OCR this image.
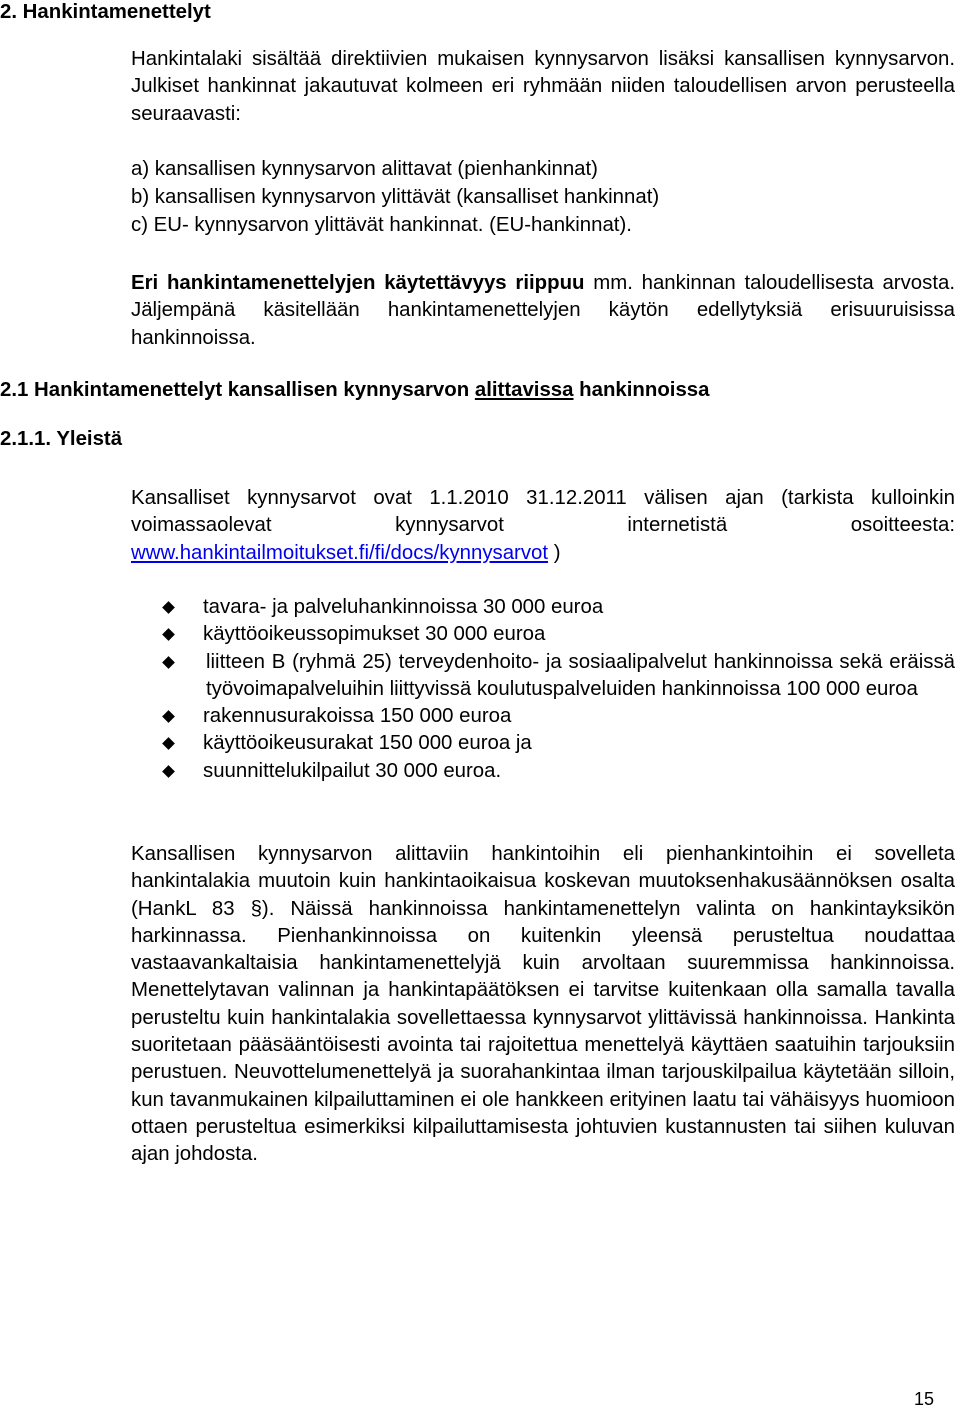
2. Hankintamenettelyt
Hankintalaki sisältää direktiivien mukaisen kynnysarvon lisäksi kansallisen kynnysarvon. Julkiset hankinnat jakautuvat kolmeen eri ryhmään niiden taloudellisen arvon perusteella seuraavasti:
a) kansallisen kynnysarvon alittavat (pienhankinnat)
b) kansallisen kynnysarvon ylittävät (kansalliset hankinnat)
c) EU- kynnysarvon ylittävät hankinnat. (EU-hankinnat).
Eri hankintamenettelyjen käytettävyys riippuu mm. hankinnan taloudellisesta arvosta. Jäljempänä käsitellään hankintamenettelyjen käytön edellytyksiä erisuuruisissa hankinnoissa.
2.1 Hankintamenettelyt kansallisen kynnysarvon alittavissa hankinnoissa
2.1.1. Yleistä
Kansalliset kynnysarvot ovat 1.1.2010 31.12.2011 välisen ajan (tarkista kulloinkin voimassaolevat kynnysarvot internetistä osoitteesta: www.hankintailmoitukset.fi/fi/docs/kynnysarvot )
tavara- ja palveluhankinnoissa 30 000 euroa
käyttöoikeussopimukset 30 000 euroa
liitteen B (ryhmä 25) terveydenhoito- ja sosiaalipalvelut hankinnoissa sekä eräissä työvoimapalveluihin liittyvissä koulutuspalveluiden hankinnoissa 100 000 euroa
rakennusurakoissa 150 000 euroa
käyttöoikeusurakat 150 000 euroa ja
suunnittelukilpailut 30 000 euroa.
Kansallisen kynnysarvon alittaviin hankintoihin eli pienhankintoihin ei sovelleta hankintalakia muutoin kuin hankintaoikaisua koskevan muutoksenhakusäännöksen osalta (HankL 83 §). Näissä hankinnoissa hankintamenettelyn valinta on hankintayksikön harkinnassa. Pienhankinnoissa on kuitenkin yleensä perusteltua noudattaa vastaavankaltaisia hankintamenettelyjä kuin arvoltaan suuremmissa hankinnoissa. Menettelytavan valinnan ja hankintapäätöksen ei tarvitse kuitenkaan olla samalla tavalla perusteltu kuin hankintalakia sovellettaessa kynnysarvot ylittävissä hankinnoissa. Hankinta suoritetaan pääsääntöisesti avointa tai rajoitettua menettelyä käyttäen saatuihin tarjouksiin perustuen. Neuvottelumenettelyä ja suorahankintaa ilman tarjouskilpailua käytetään silloin, kun tavanmukainen kilpailuttaminen ei ole hankkeen erityinen laatu tai vähäisyys huomioon ottaen perusteltua esimerkiksi kilpailuttamisesta johtuvien kustannusten tai siihen kuluvan ajan johdosta.
15
